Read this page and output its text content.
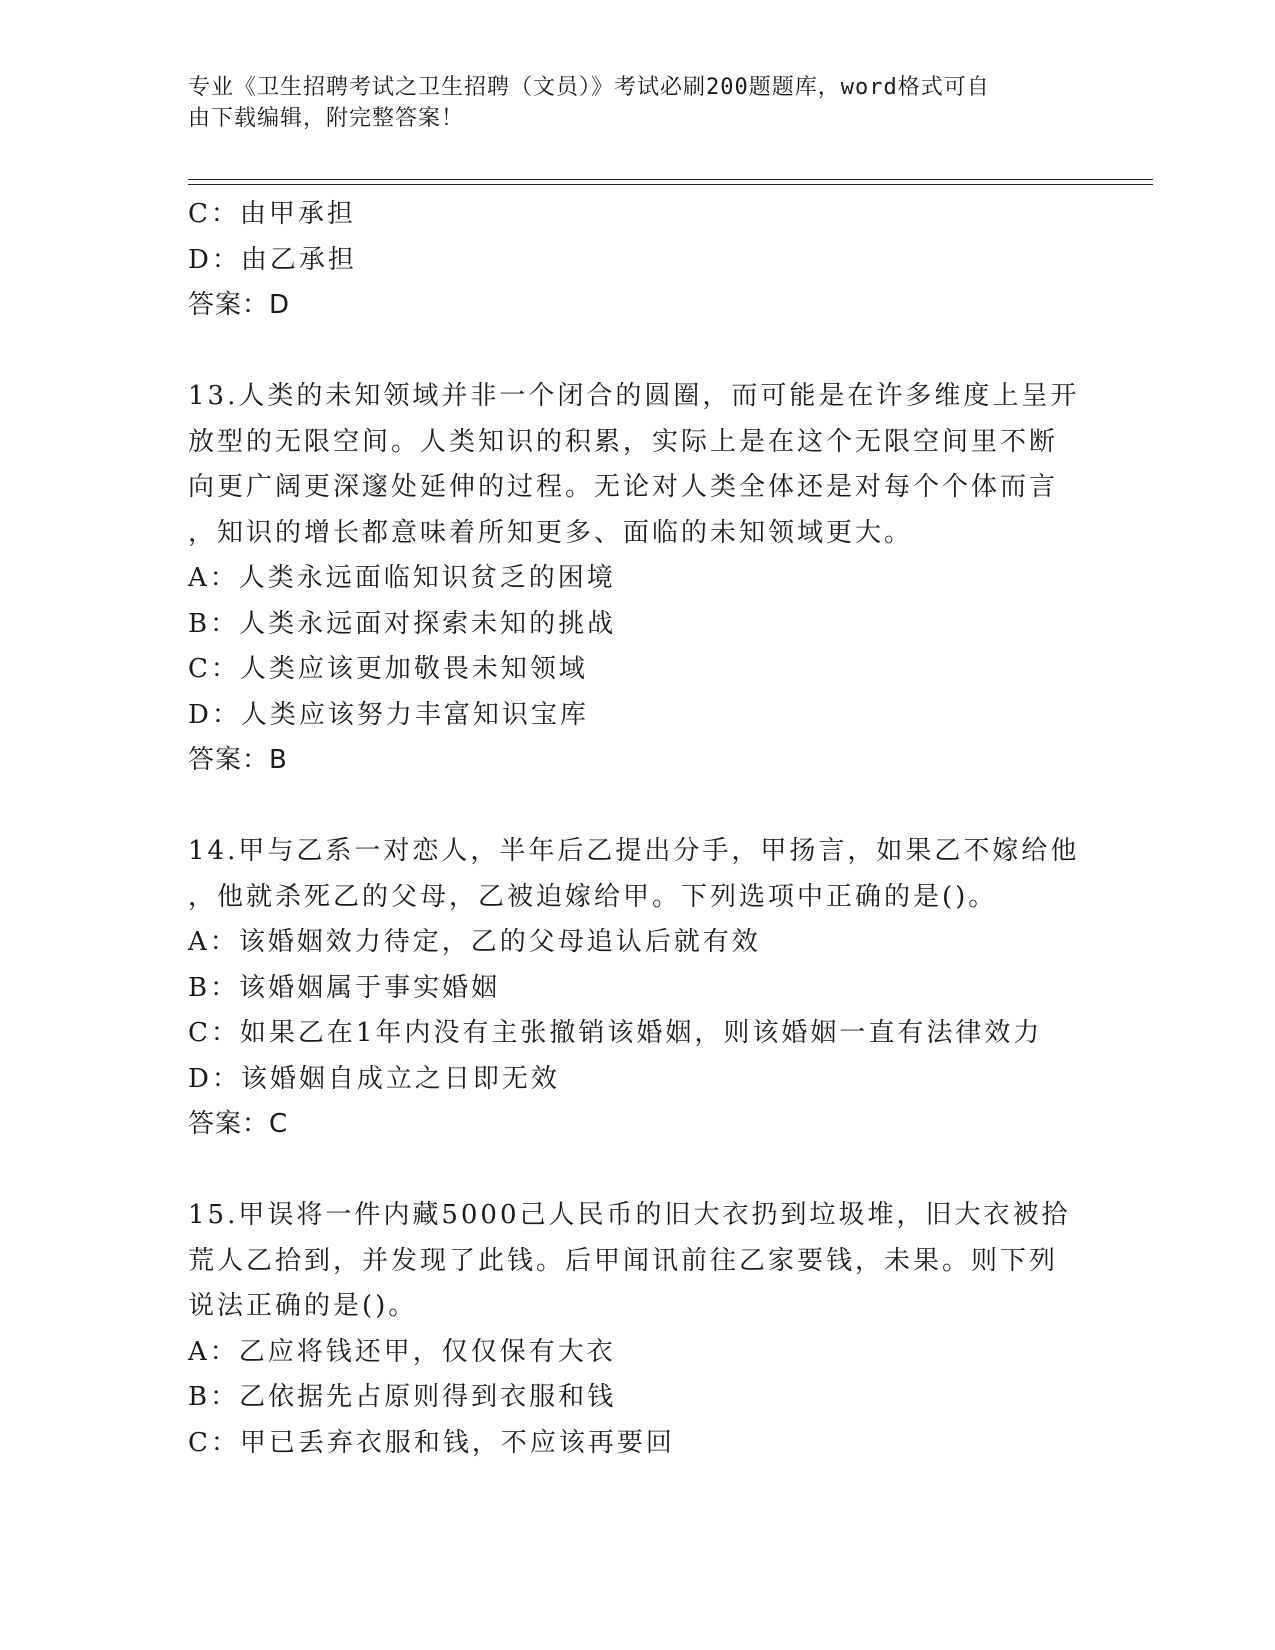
专业《卫生招聘考试之卫生招聘（文员）》考试必刷200题题库，word格式可自
由下载编辑，附完整答案！
C：由甲承担
D：由乙承担
答案：D
13.人类的未知领域并非一个闭合的圆圈，而可能是在许多维度上呈开
放型的无限空间。人类知识的积累，实际上是在这个无限空间里不断
向更广阔更深邃处延伸的过程。无论对人类全体还是对每个个体而言
，知识的增长都意味着所知更多、面临的未知领域更大。
A：人类永远面临知识贫乏的困境
B：人类永远面对探索未知的挑战
C：人类应该更加敬畏未知领域
D：人类应该努力丰富知识宝库
答案：B
14.甲与乙系一对恋人，半年后乙提出分手，甲扬言，如果乙不嫁给他
，他就杀死乙的父母，乙被迫嫁给甲。下列选项中正确的是()。
A：该婚姻效力待定，乙的父母追认后就有效
B：该婚姻属于事实婚姻
C：如果乙在1年内没有主张撤销该婚姻，则该婚姻一直有法律效力
D：该婚姻自成立之日即无效
答案：C
15.甲误将一件内藏5000己人民币的旧大衣扔到垃圾堆，旧大衣被拾
荒人乙拾到，并发现了此钱。后甲闻讯前往乙家要钱，未果。则下列
说法正确的是()。
A：乙应将钱还甲，仅仅保有大衣
B：乙依据先占原则得到衣服和钱
C：甲已丢弃衣服和钱，不应该再要回
